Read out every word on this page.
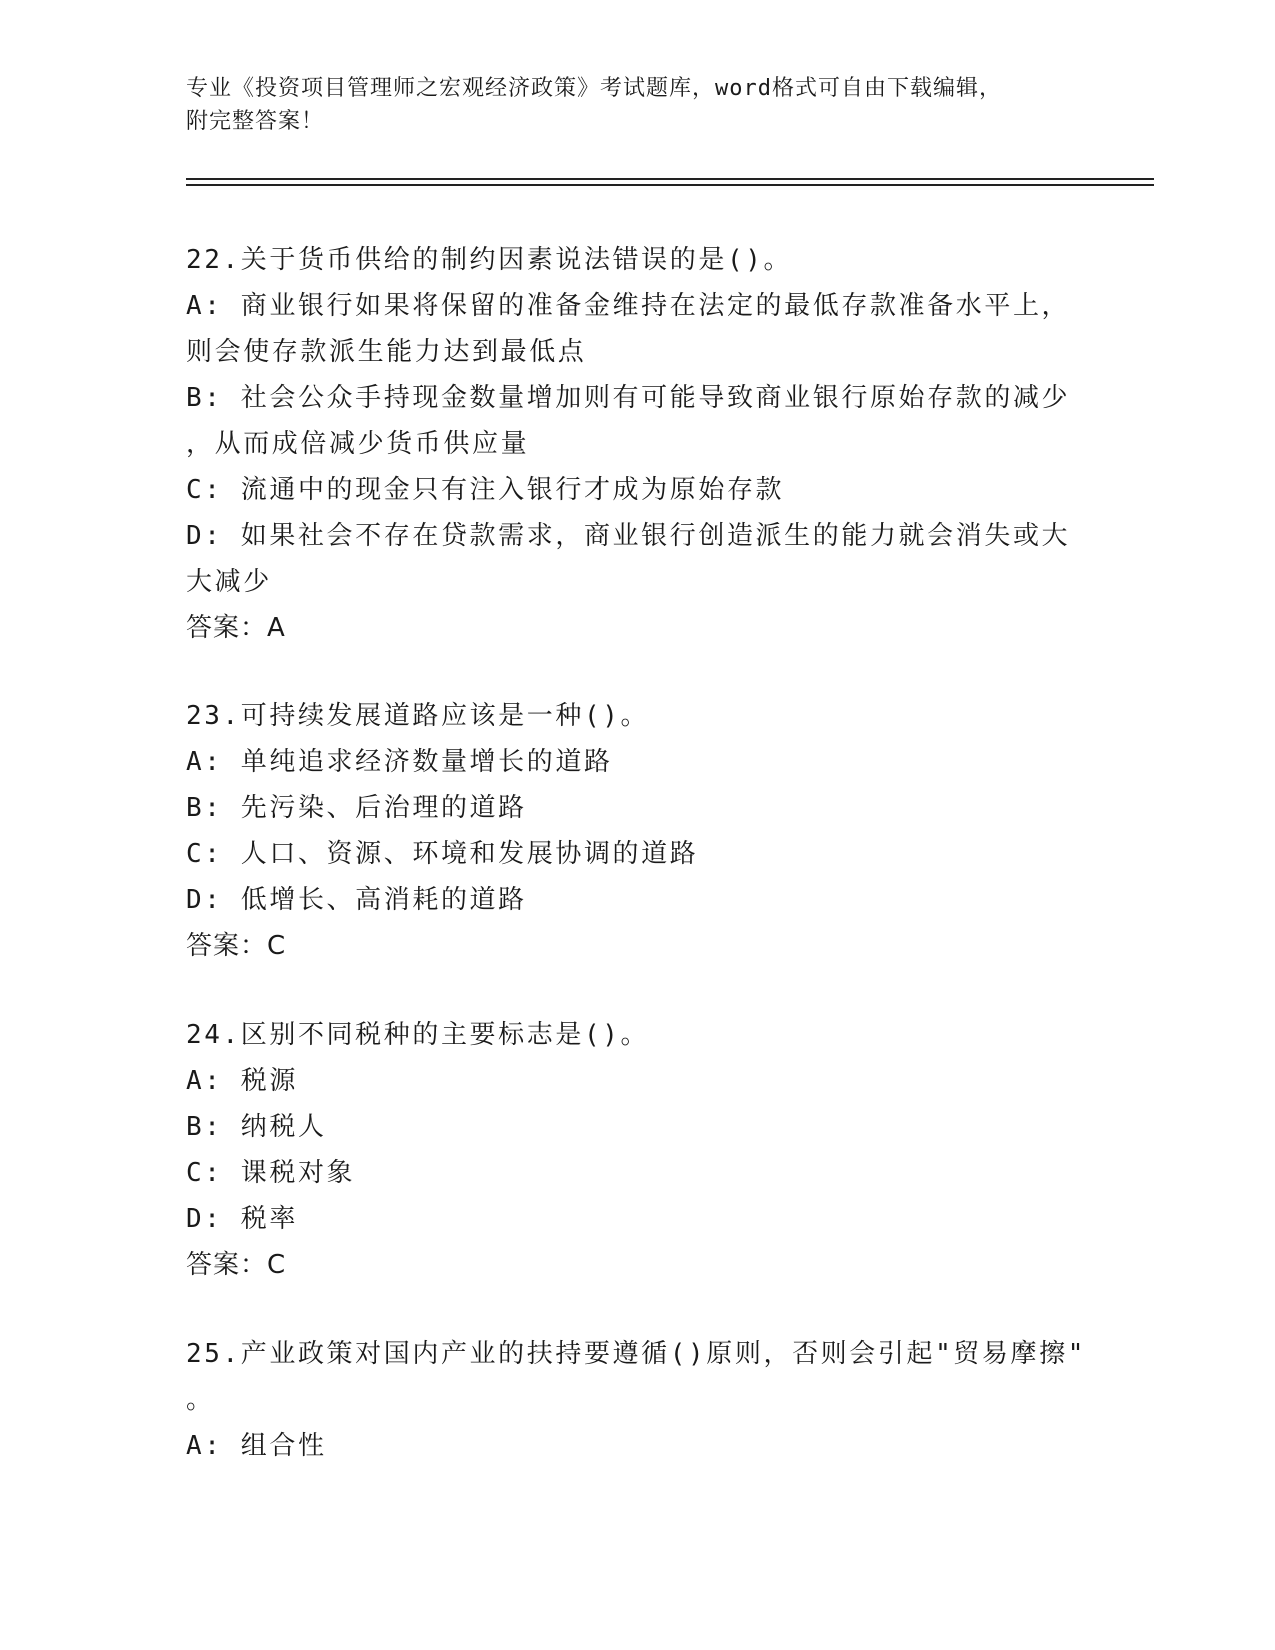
专业《投资项目管理师之宏观经济政策》考试题库，word格式可自由下载编辑，
附完整答案！
22.关于货币供给的制约因素说法错误的是()。
A: 商业银行如果将保留的准备金维持在法定的最低存款准备水平上，
则会使存款派生能力达到最低点
B: 社会公众手持现金数量增加则有可能导致商业银行原始存款的减少
，从而成倍减少货币供应量
C: 流通中的现金只有注入银行才成为原始存款
D: 如果社会不存在贷款需求，商业银行创造派生的能力就会消失或大
大减少
答案：A
23.可持续发展道路应该是一种()。
A: 单纯追求经济数量增长的道路
B: 先污染、后治理的道路
C: 人口、资源、环境和发展协调的道路
D: 低增长、高消耗的道路
答案：C
24.区别不同税种的主要标志是()。
A: 税源
B: 纳税人
C: 课税对象
D: 税率
答案：C
25.产业政策对国内产业的扶持要遵循()原则，否则会引起"贸易摩擦"
。
A: 组合性
